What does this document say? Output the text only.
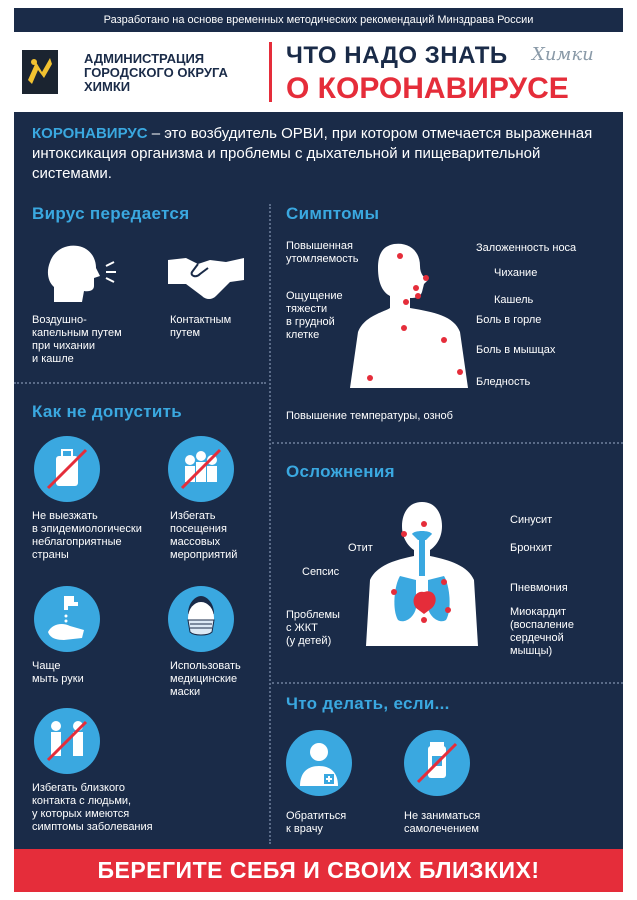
Разработано на основе временных методических рекомендаций Минздрава России
АДМИНИСТРАЦИЯ
ГОРОДСКОГО ОКРУГА
ХИМКИ
ЧТО НАДО ЗНАТЬ Химки
О КОРОНАВИРУСЕ
КОРОНАВИРУС – это возбудитель ОРВИ, при котором отмечается выраженная интоксикация организма и проблемы с дыхательной и пищеварительной системами.
Вирус передается
Воздушно-
капельным путем
при чихании
и кашле
Контактным
путем
Как не допустить
Не выезжать
в эпидемиологически
неблагоприятные
страны
Избегать
посещения
массовых
мероприятий
Чаще
мыть руки
Использовать
медицинские
маски
Избегать близкого
контакта с людьми,
у которых имеются
симптомы заболевания
Симптомы
Повышенная
утомляемость
Ощущение
тяжести
в грудной
клетке
Заложенность носа
Чихание
Кашель
Боль в горле
Боль в мышцах
Бледность
Повышение температуры, озноб
Осложнения
Отит
Сепсис
Проблемы
с ЖКТ
(у детей)
Синусит
Бронхит
Пневмония
Миокардит
(воспаление
сердечной
мышцы)
Что делать, если...
Обратиться
к врачу
Не заниматься
самолечением
БЕРЕГИТЕ СЕБЯ И СВОИХ БЛИЗКИХ!
